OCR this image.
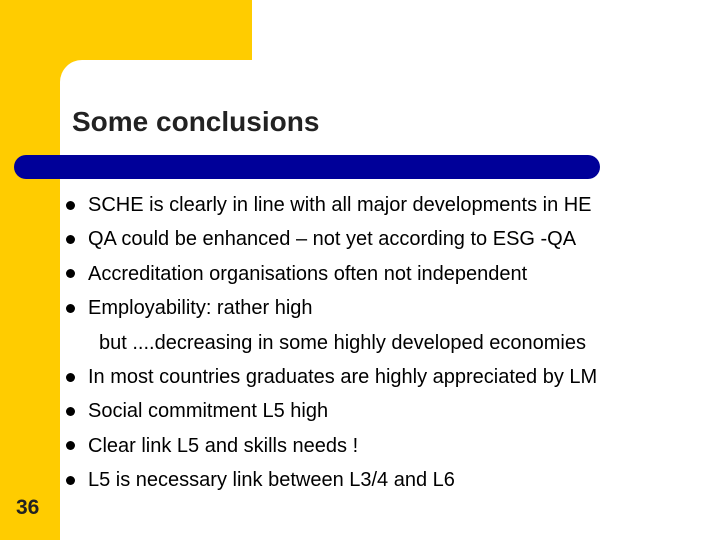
Some conclusions
SCHE is clearly in line with all major developments in HE
QA could be enhanced – not yet according to ESG -QA
Accreditation organisations often not independent
Employability: rather high
but ....decreasing in some highly developed economies
In most countries graduates are highly appreciated by LM
Social commitment L5 high
Clear link L5 and skills needs !
L5 is necessary link between L3/4 and L6

36
